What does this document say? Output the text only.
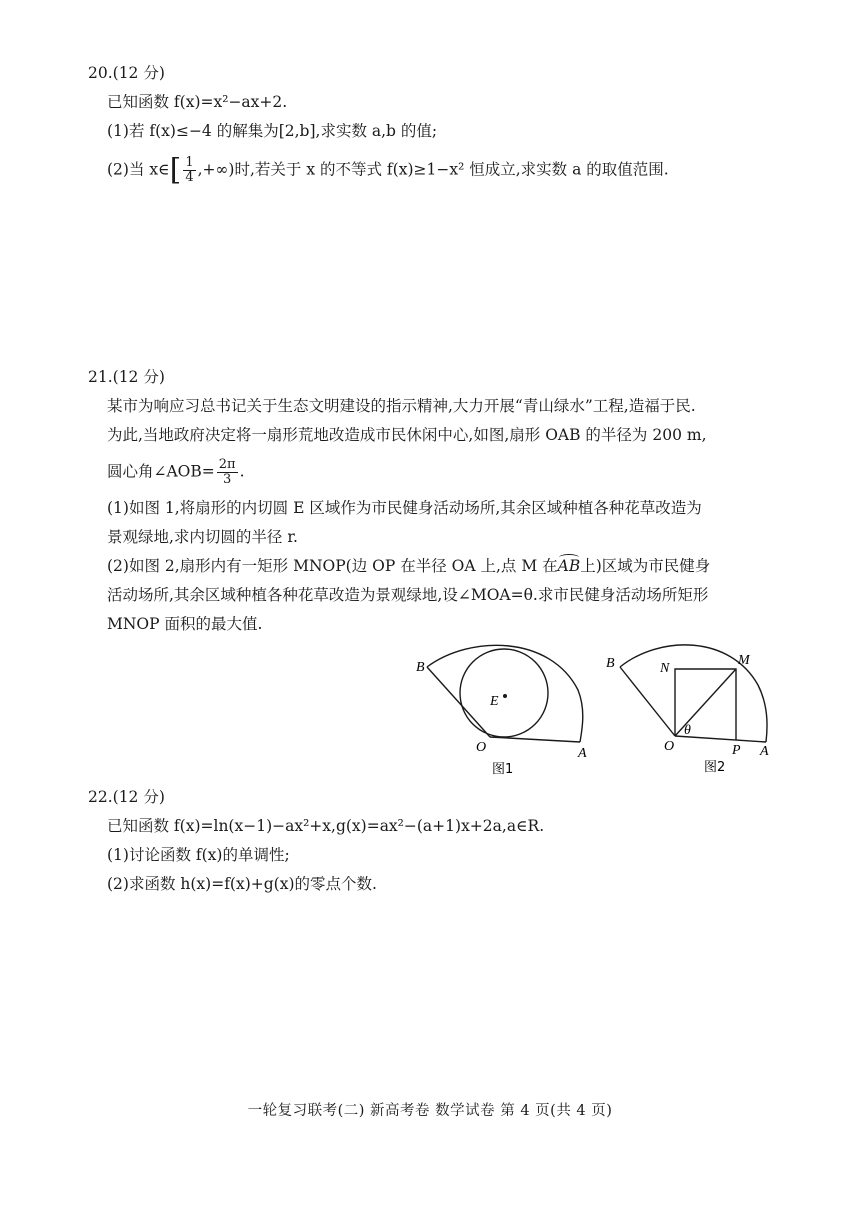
20.(12 分)
已知函数 f(x)=x²−ax+2.
(1)若 f(x)≤−4 的解集为[2,b],求实数 a,b 的值;
(2)当 x∈[ $\frac{1}{4}$ ,+∞)时,若关于 x 的不等式 f(x)≥1−x² 恒成立,求实数 a 的取值范围.
21.(12 分)
某市为响应习总书记关于生态文明建设的指示精神,大力开展“青山绿水”工程,造福于民.
为此,当地政府决定将一扇形荒地改造成市民休闲中心,如图,扇形 OAB 的半径为 200 m,
圆心角∠AOB= $\frac{2\pi}{3}$ .
(1)如图 1,将扇形的内切圆 E 区域作为市民健身活动场所,其余区域种植各种花草改造为
景观绿地,求内切圆的半径 r.
(2)如图 2,扇形内有一矩形 MNOP(边 OP 在半径 OA 上,点 M 在AB上)区域为市民健身
活动场所,其余区域种植各种花草改造为景观绿地,设∠MOA=θ.求市民健身活动场所矩形
MNOP 面积的最大值.
B
E
O	A
图1
B	N
M
θ
O	P A
图2
22.(12 分)
已知函数 f(x)=ln(x−1)−ax²+x,g(x)=ax²−(a+1)x+2a,a∈R.
(1)讨论函数 f(x)的单调性;
(2)求函数 h(x)=f(x)+g(x)的零点个数.
一轮复习联考(二) 新高考卷 数学试卷 第 4 页(共 4 页)
